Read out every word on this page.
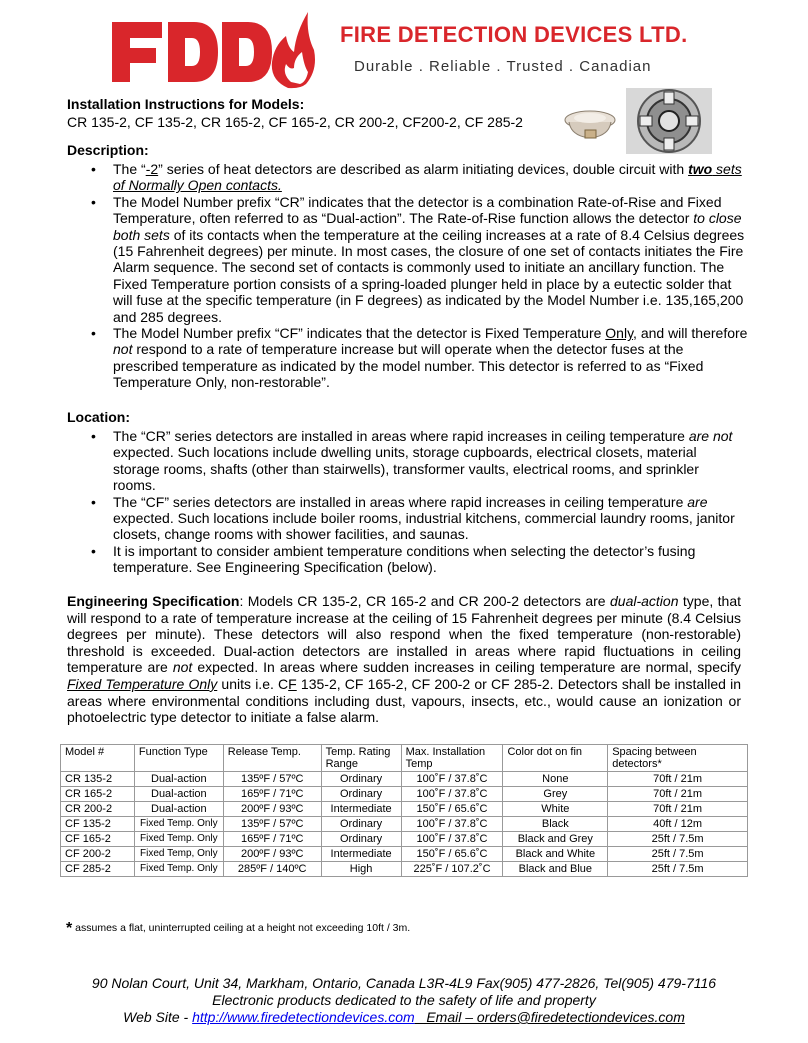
FDD
FIRE DETECTION DEVICES LTD.
Durable . Reliable . Trusted . Canadian
Installation Instructions for Models:
CR 135-2, CF 135-2, CR 165-2, CF 165-2, CR 200-2, CF200-2, CF 285-2
Description:
• The “-2” series of heat detectors are described as alarm initiating devices, double circuit with two sets of Normally Open contacts.
• The Model Number prefix “CR” indicates that the detector is a combination Rate-of-Rise and Fixed Temperature, often referred to as “Dual-action”. The Rate-of-Rise function allows the detector to close both sets of its contacts when the temperature at the ceiling increases at a rate of 8.4 Celsius degrees (15 Fahrenheit degrees) per minute. In most cases, the closure of one set of contacts initiates the Fire Alarm sequence. The second set of contacts is commonly used to initiate an ancillary function. The Fixed Temperature portion consists of a spring-loaded plunger held in place by a eutectic solder that will fuse at the specific temperature (in F degrees) as indicated by the Model Number i.e. 135,165,200 and 285 degrees.
• The Model Number prefix “CF” indicates that the detector is Fixed Temperature Only, and will therefore not respond to a rate of temperature increase but will operate when the detector fuses at the prescribed temperature as indicated by the model number. This detector is referred to as “Fixed Temperature Only, non-restorable”.
Location:
• The “CR” series detectors are installed in areas where rapid increases in ceiling temperature are not expected. Such locations include dwelling units, storage cupboards, electrical closets, material storage rooms, shafts (other than stairwells), transformer vaults, electrical rooms, and sprinkler rooms.
• The “CF” series detectors are installed in areas where rapid increases in ceiling temperature are expected. Such locations include boiler rooms, industrial kitchens, commercial laundry rooms, janitor closets, change rooms with shower facilities, and saunas.
• It is important to consider ambient temperature conditions when selecting the detector’s fusing temperature. See Engineering Specification (below).
Engineering Specification: Models CR 135-2, CR 165-2 and CR 200-2 detectors are dual-action type, that will respond to a rate of temperature increase at the ceiling of 15 Fahrenheit degrees per minute (8.4 Celsius degrees per minute). These detectors will also respond when the fixed temperature (non-restorable) threshold is exceeded. Dual-action detectors are installed in areas where rapid fluctuations in ceiling temperature are not expected. In areas where sudden increases in ceiling temperature are normal, specify Fixed Temperature Only units i.e. CF 135-2, CF 165-2, CF 200-2 or CF 285-2. Detectors shall be installed in areas where environmental conditions including dust, vapours, insects, etc., would cause an ionization or photoelectric type detector to initiate a false alarm.
Model #	Function Type	Release Temp.	Temp. Rating Range	Max. Installation Temp	Color dot on fin	Spacing between detectors*
CR 135-2	Dual-action	135ºF / 57ºC	Ordinary	100˚F / 37.8˚C	None	70ft / 21m
CR 165-2	Dual-action	165ºF / 71ºC	Ordinary	100˚F / 37.8˚C	Grey	70ft / 21m
CR 200-2	Dual-action	200ºF / 93ºC	Intermediate	150˚F / 65.6˚C	White	70ft / 21m
CF 135-2	Fixed Temp. Only	135ºF / 57ºC	Ordinary	100˚F / 37.8˚C	Black	40ft / 12m
CF 165-2	Fixed Temp. Only	165ºF / 71ºC	Ordinary	100˚F / 37.8˚C	Black and Grey	25ft / 7.5m
CF 200-2	Fixed Temp, Only	200ºF / 93ºC	Intermediate	150˚F / 65.6˚C	Black and White	25ft / 7.5m
CF 285-2	Fixed Temp. Only	285ºF / 140ºC	High	225˚F / 107.2˚C	Black and Blue	25ft / 7.5m
* assumes a flat, uninterrupted ceiling at a height not exceeding 10ft / 3m.
90 Nolan Court, Unit 34, Markham, Ontario, Canada L3R-4L9 Fax(905) 477-2826, Tel(905) 479-7116
Electronic products dedicated to the safety of life and property
Web Site - http://www.firedetectiondevices.com   Email – orders@firedetectiondevices.com
